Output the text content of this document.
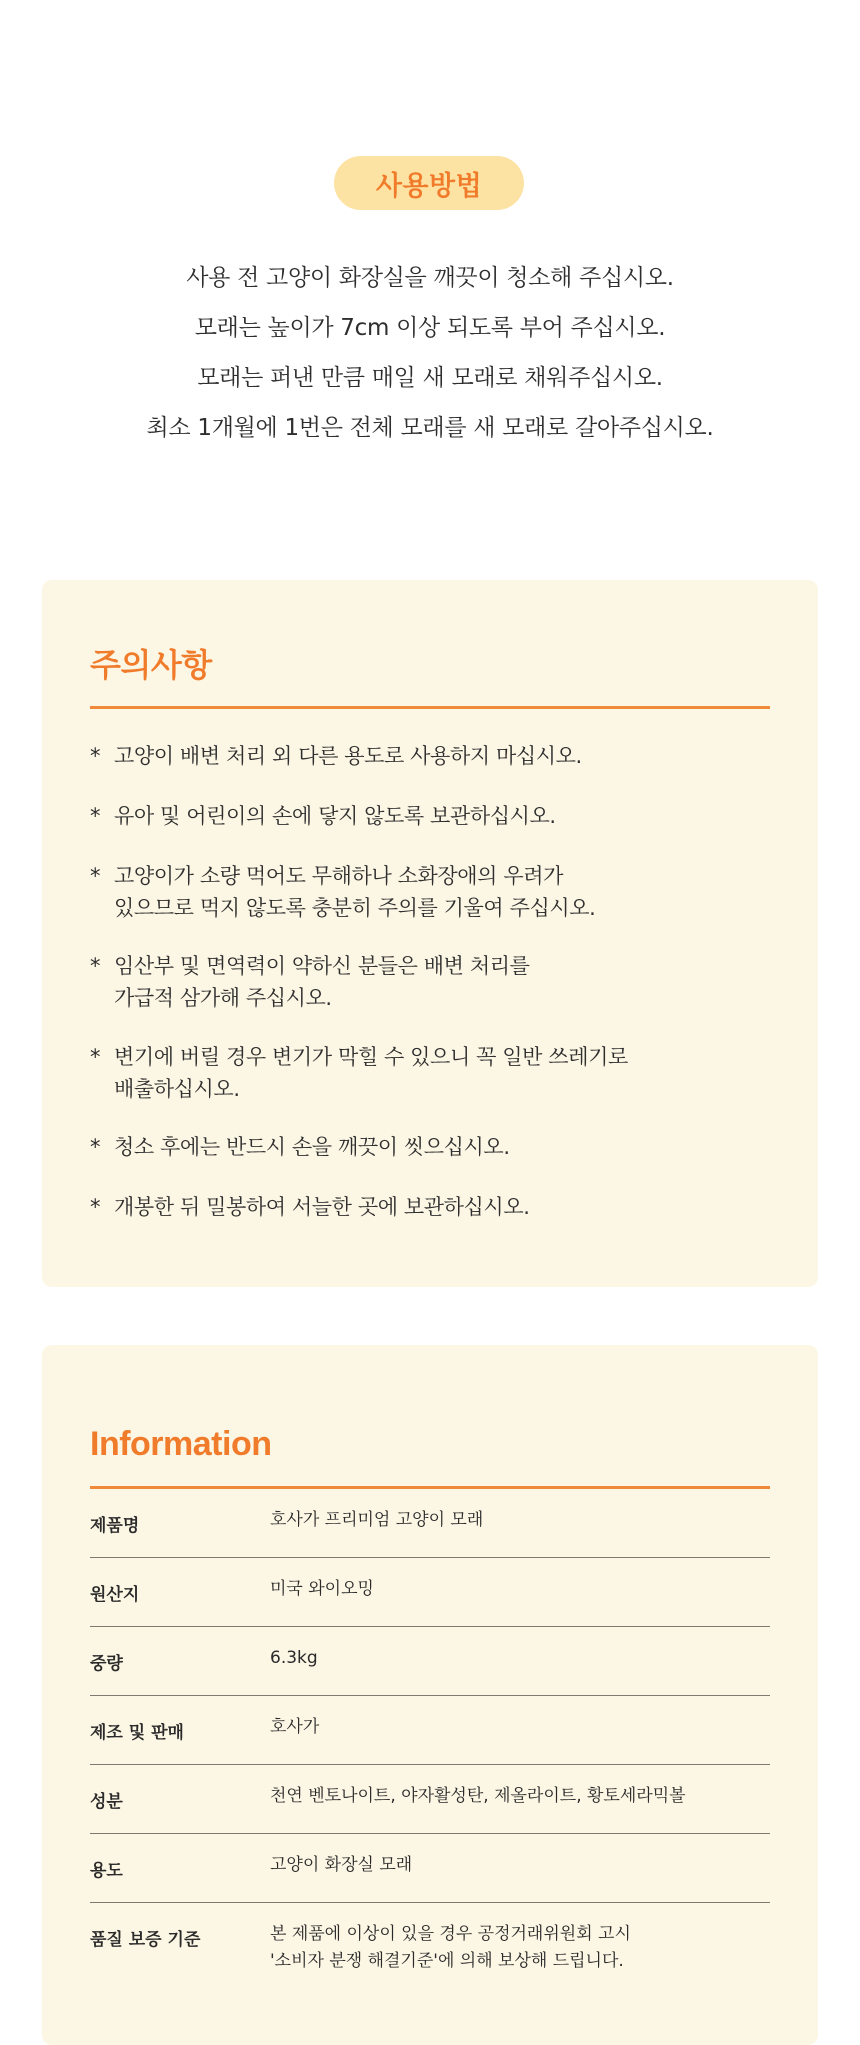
사용방법
사용 전 고양이 화장실을 깨끗이 청소해 주십시오.
모래는 높이가 7cm 이상 되도록 부어 주십시오.
모래는 퍼낸 만큼 매일 새 모래로 채워주십시오.
최소 1개월에 1번은 전체 모래를 새 모래로 갈아주십시오.
주의사항
* 고양이 배변 처리 외 다른 용도로 사용하지 마십시오.
* 유아 및 어린이의 손에 닿지 않도록 보관하십시오.
* 고양이가 소량 먹어도 무해하나 소화장애의 우려가
있으므로 먹지 않도록 충분히 주의를 기울여 주십시오.
* 임산부 및 면역력이 약하신 분들은 배변 처리를
가급적 삼가해 주십시오.
* 변기에 버릴 경우 변기가 막힐 수 있으니 꼭 일반 쓰레기로
배출하십시오.
* 청소 후에는 반드시 손을 깨끗이 씻으십시오.
* 개봉한 뒤 밀봉하여 서늘한 곳에 보관하십시오.
Information
제품명	호사가 프리미엄 고양이 모래
원산지	미국 와이오밍
중량	6.3kg
제조 및 판매	호사가
성분	천연 벤토나이트, 야자활성탄, 제올라이트, 황토세라믹볼
용도	고양이 화장실 모래
품질 보증 기준	본 제품에 이상이 있을 경우 공정거래위원회 고시
'소비자 분쟁 해결기준'에 의해 보상해 드립니다.
